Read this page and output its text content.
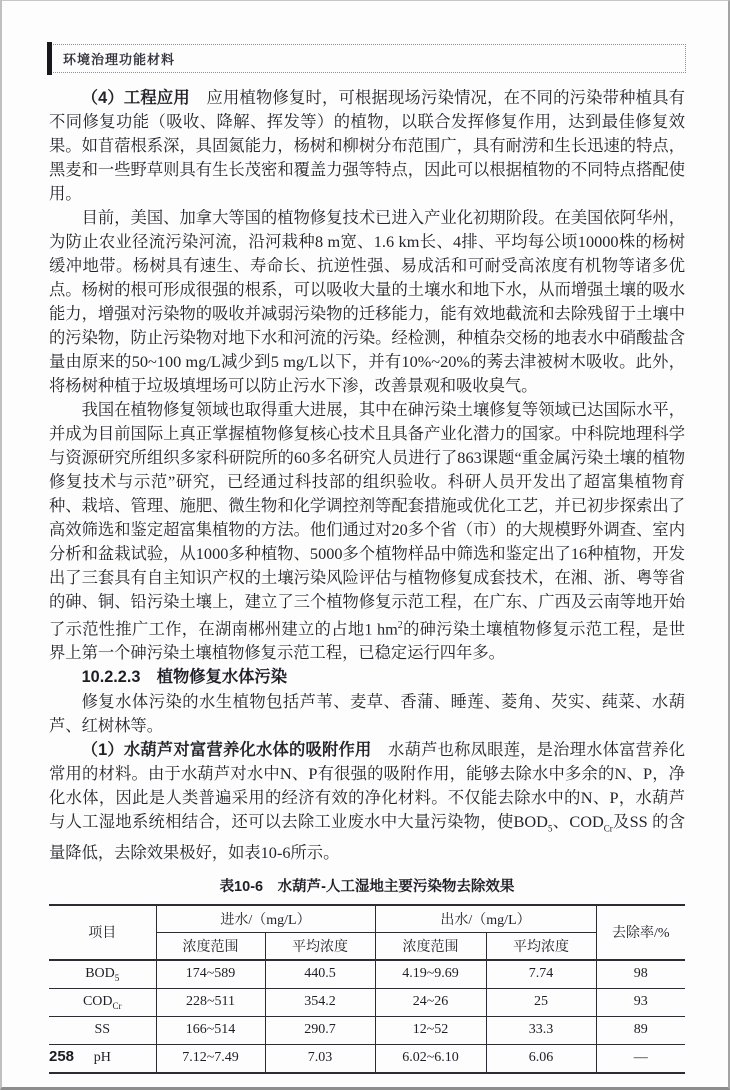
环境治理功能材料

（4）工程应用　应用植物修复时，可根据现场污染情况，在不同的污染带种植具有不同修复功能（吸收、降解、挥发等）的植物，以联合发挥修复作用，达到最佳修复效果。如苜蓿根系深，具固氮能力，杨树和柳树分布范围广，具有耐涝和生长迅速的特点，黑麦和一些野草则具有生长茂密和覆盖力强等特点，因此可以根据植物的不同特点搭配使用。

目前，美国、加拿大等国的植物修复技术已进入产业化初期阶段。在美国依阿华州，为防止农业径流污染河流，沿河栽种8 m宽、1.6 km长、4排、平均每公顷10000株的杨树缓冲地带。杨树具有速生、寿命长、抗逆性强、易成活和可耐受高浓度有机物等诸多优点。杨树的根可形成很强的根系，可以吸收大量的土壤水和地下水，从而增强土壤的吸水能力，增强对污染物的吸收并减弱污染物的迁移能力，能有效地截流和去除残留于土壤中的污染物，防止污染物对地下水和河流的污染。经检测，种植杂交杨的地表水中硝酸盐含量由原来的50~100 mg/L减少到5 mg/L以下，并有10%~20%的莠去津被树木吸收。此外，将杨树种植于垃圾填埋场可以防止污水下渗，改善景观和吸收臭气。

我国在植物修复领域也取得重大进展，其中在砷污染土壤修复等领域已达国际水平，并成为目前国际上真正掌握植物修复核心技术且具备产业化潜力的国家。中科院地理科学与资源研究所组织多家科研院所的60多名研究人员进行了863课题“重金属污染土壤的植物修复技术与示范”研究，已经通过科技部的组织验收。科研人员开发出了超富集植物育种、栽培、管理、施肥、微生物和化学调控剂等配套措施或优化工艺，并已初步探索出了高效筛选和鉴定超富集植物的方法。他们通过对20多个省（市）的大规模野外调查、室内分析和盆栽试验，从1000多种植物、5000多个植物样品中筛选和鉴定出了16种植物，开发出了三套具有自主知识产权的土壤污染风险评估与植物修复成套技术，在湘、浙、粤等省的砷、铜、铅污染土壤上，建立了三个植物修复示范工程，在广东、广西及云南等地开始了示范性推广工作，在湖南郴州建立的占地1 $hm^2$的砷污染土壤植物修复示范工程，是世界上第一个砷污染土壤植物修复示范工程，已稳定运行四年多。

10.2.2.3　植物修复水体污染

修复水体污染的水生植物包括芦苇、麦草、香蒲、睡莲、菱角、芡实、莼菜、水葫芦、红树林等。

（1）水葫芦对富营养化水体的吸附作用　水葫芦也称凤眼莲，是治理水体富营养化常用的材料。由于水葫芦对水中N、P有很强的吸附作用，能够去除水中多余的N、P，净化水体，因此是人类普遍采用的经济有效的净化材料。不仅能去除水中的N、P，水葫芦与人工湿地系统相结合，还可以去除工业废水中大量污染物，使$BOD_5$、$COD_{Cr}$及SS 的含量降低，去除效果极好，如表10-6所示。

表10-6　水葫芦-人工湿地主要污染物去除效果
项目	进水/（mg/L）		出水/（mg/L）		去除率/%
	浓度范围	平均浓度	浓度范围	平均浓度	
$BOD_5$	174~589	440.5	4.19~9.69	7.74	98
$COD_{Cr}$	228~511	354.2	24~26	25	93
SS	166~514	290.7	12~52	33.3	89
pH	7.12~7.49	7.03	6.02~6.10	6.06	—
258
